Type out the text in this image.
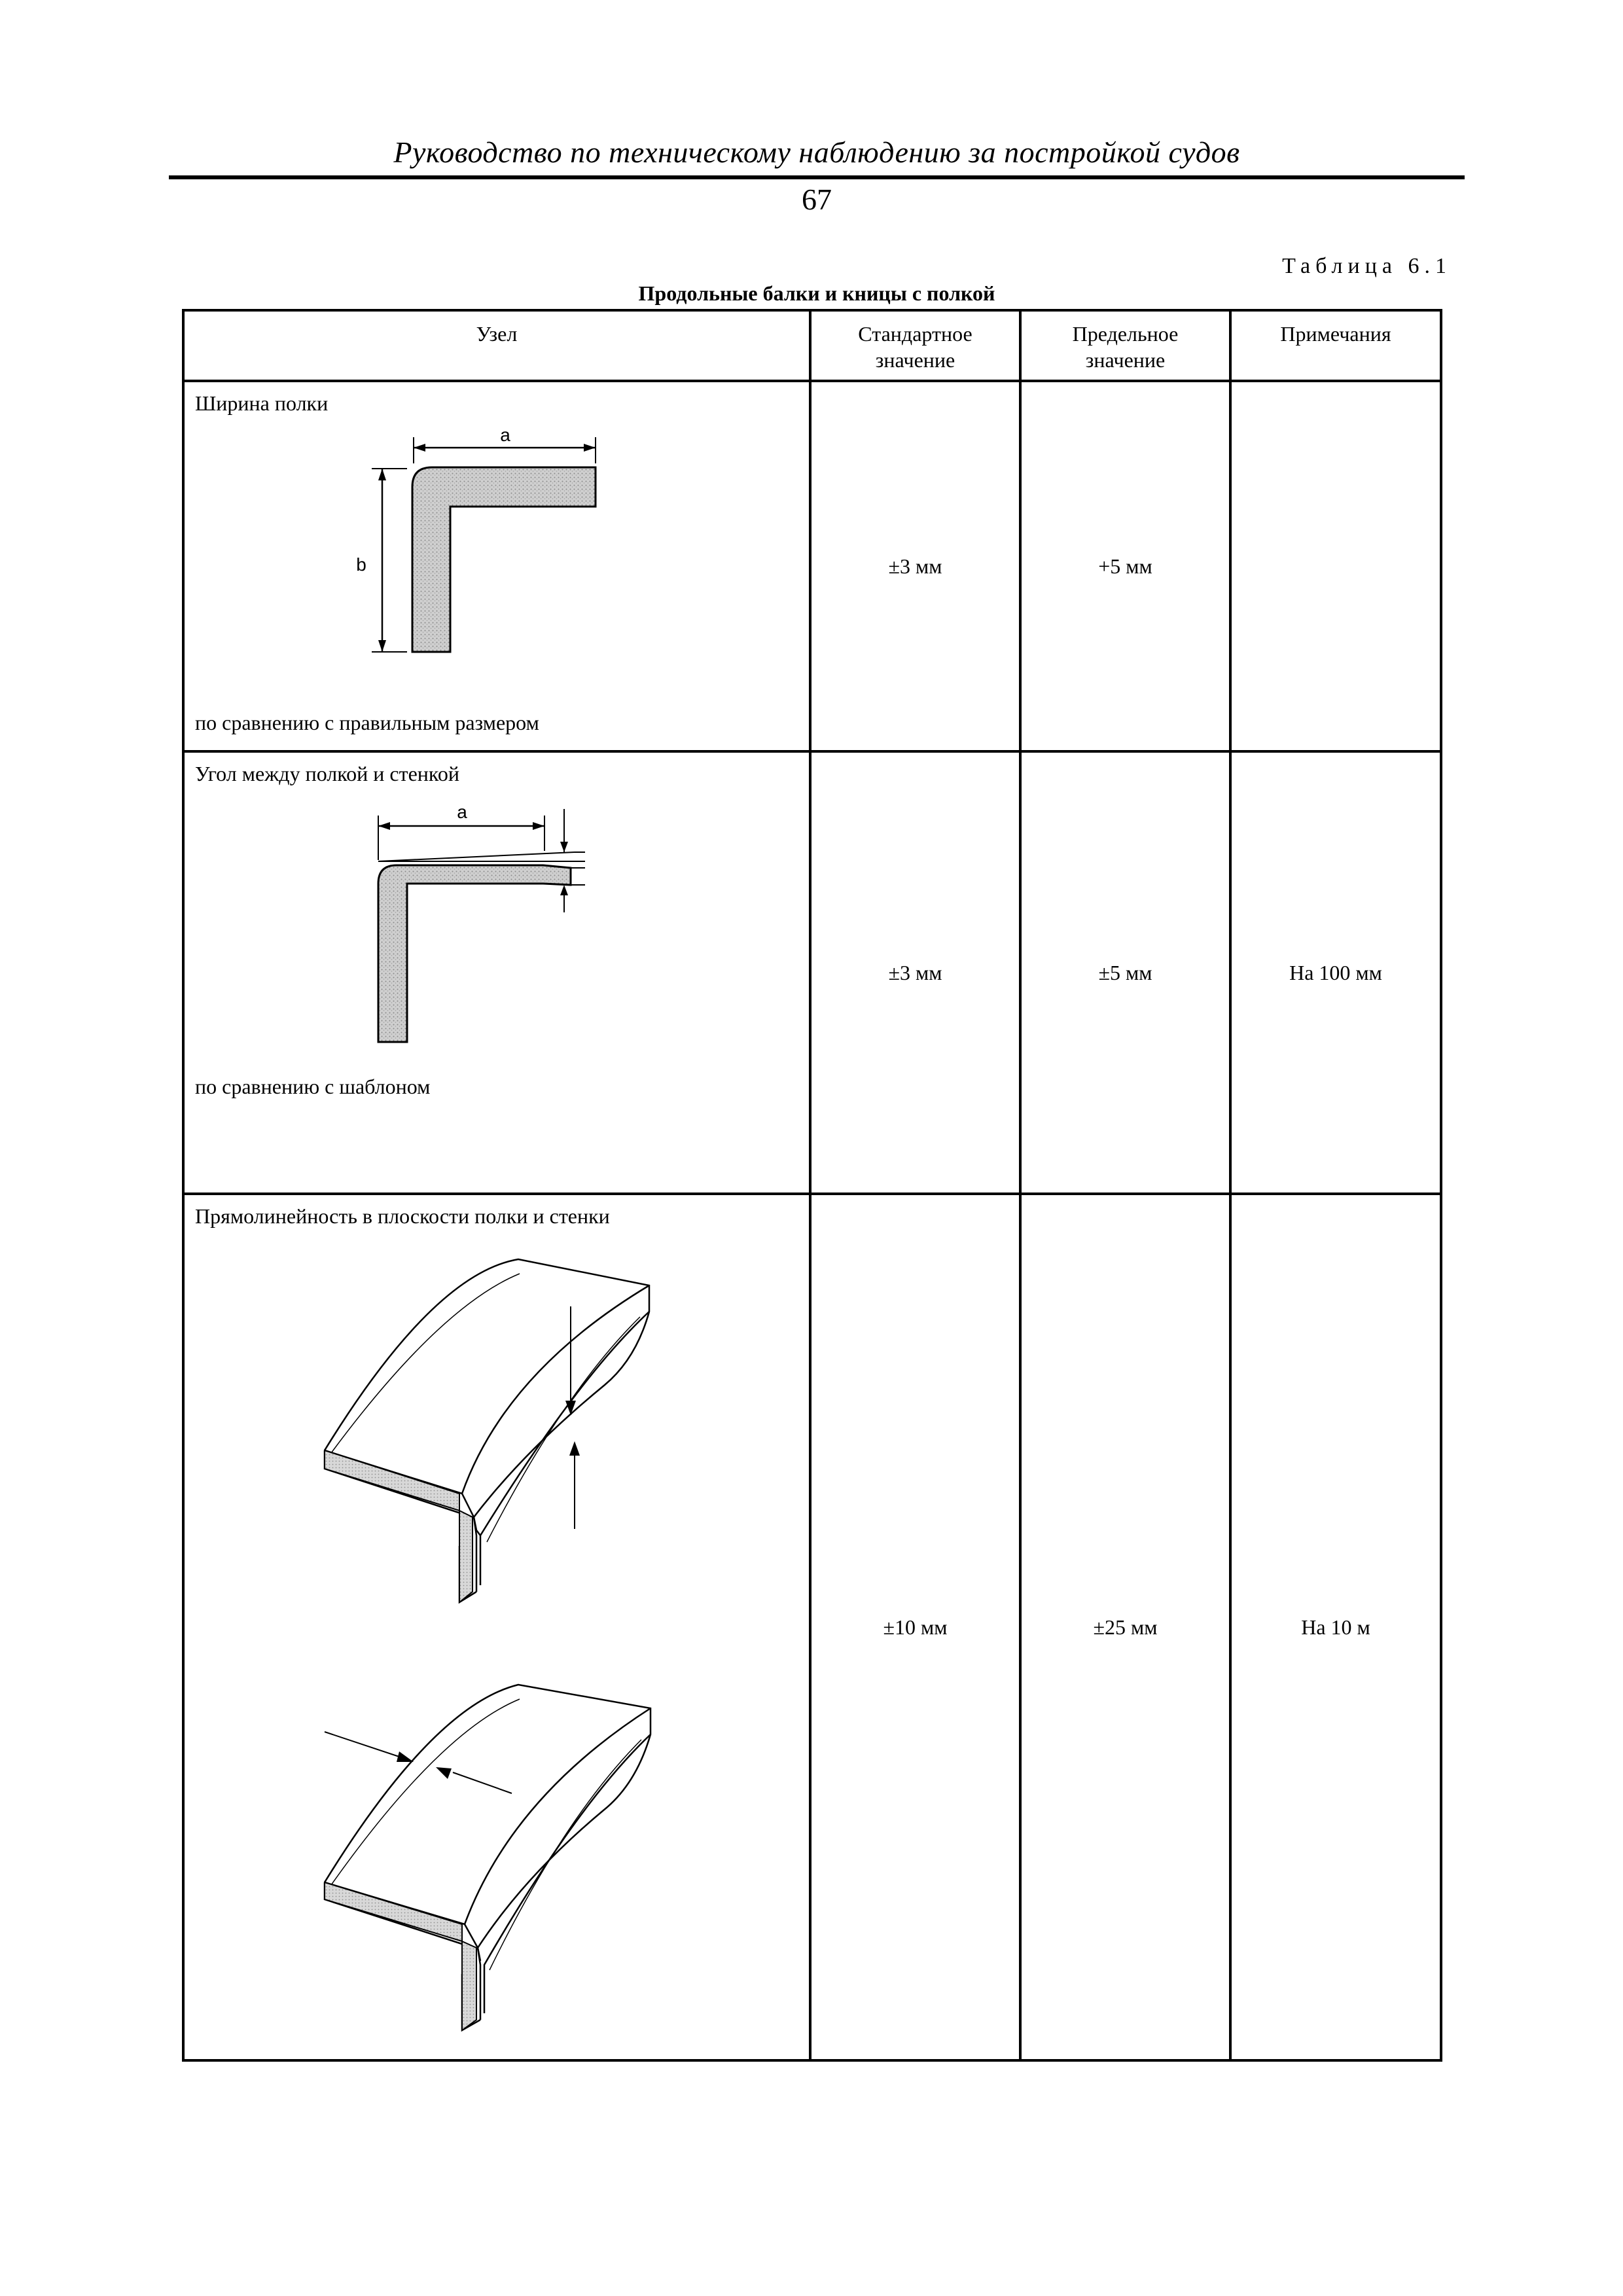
Руководство по техническому наблюдению за постройкой судов
67
Таблица 6.1
Продольные балки и кницы с полкой
Узел	Стандартное значение	Предельное значение	Примечания

Ширина полки
a
b
по сравнению с правильным размером	±3 мм	+5 мм	

Угол между полкой и стенкой
a
по сравнению с шаблоном	±3 мм	±5 мм	На 100 мм

Прямолинейность в плоскости полки и стенки	±10 мм	±25 мм	На 10 м
